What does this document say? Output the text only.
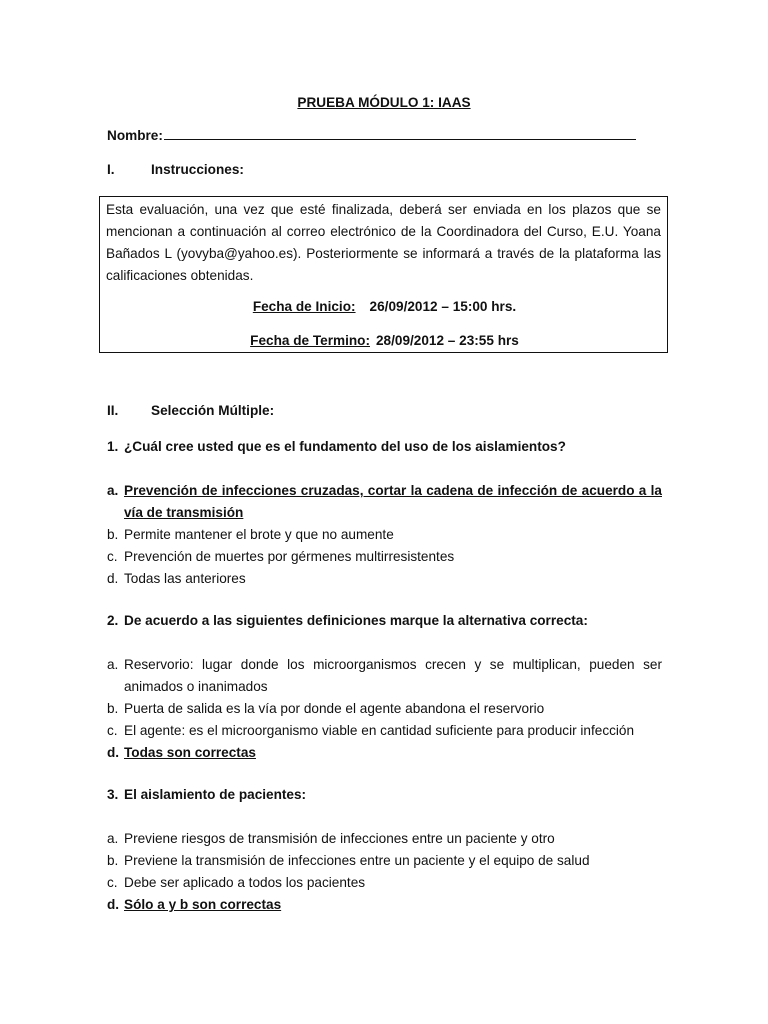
PRUEBA MÓDULO 1: IAAS
Nombre:
I.	Instrucciones:

Esta evaluación, una vez que esté finalizada, deberá ser enviada en los plazos que se mencionan a continuación al correo electrónico de la Coordinadora del Curso, E.U. Yoana Bañados L (yovyba@yahoo.es). Posteriormente se informará a través de la plataforma las calificaciones obtenidas.

Fecha de Inicio: 26/09/2012 – 15:00 hrs.
Fecha de Termino: 28/09/2012 – 23:55 hrs
II. Selección Múltiple:
1. ¿Cuál cree usted que es el fundamento del uso de los aislamientos?
a. Prevención de infecciones cruzadas, cortar la cadena de infección de acuerdo a la vía de transmisión
b. Permite mantener el brote y que no aumente
c. Prevención de muertes por gérmenes multirresistentes
d. Todas las anteriores
2. De acuerdo a las siguientes definiciones marque la alternativa correcta:
a. Reservorio: lugar donde los microorganismos crecen y se multiplican, pueden ser animados o inanimados
b. Puerta de salida es la vía por donde el agente abandona el reservorio
c. El agente: es el microorganismo viable en cantidad suficiente para producir infección
d. Todas son correctas
3. El aislamiento de pacientes:
a. Previene riesgos de transmisión de infecciones entre un paciente y otro
b. Previene la transmisión de infecciones entre un paciente y el equipo de salud
c. Debe ser aplicado a todos los pacientes
d. Sólo a y b son correctas
